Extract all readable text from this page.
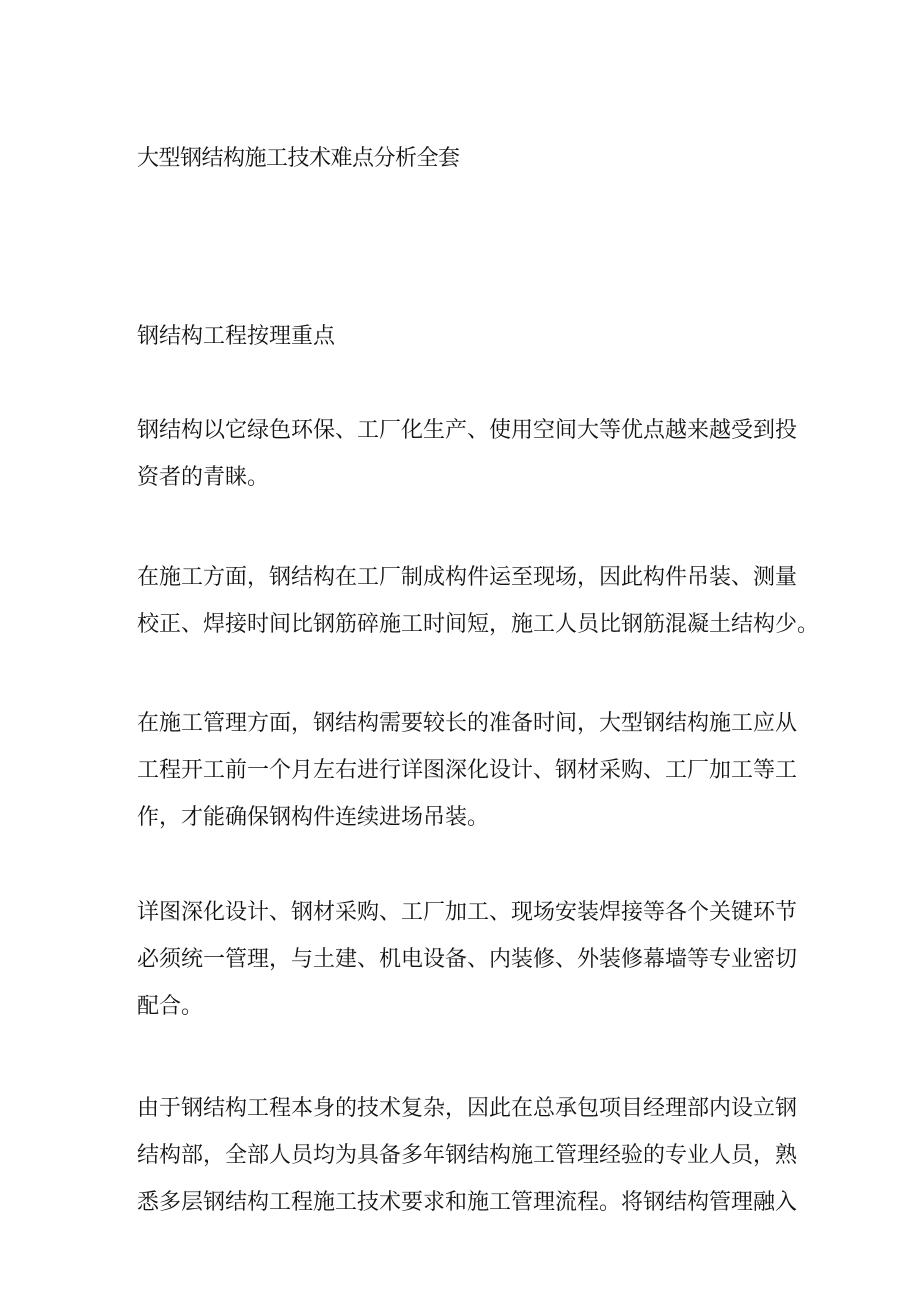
大型钢结构施工技术难点分析全套
钢结构工程按理重点
钢结构以它绿色环保、工厂化生产、使用空间大等优点越来越受到投
资者的青睐。
在施工方面，钢结构在工厂制成构件运至现场，因此构件吊装、测量
校正、焊接时间比钢筋碎施工时间短，施工人员比钢筋混凝土结构少。
在施工管理方面，钢结构需要较长的准备时间，大型钢结构施工应从
工程开工前一个月左右进行详图深化设计、钢材采购、工厂加工等工
作，才能确保钢构件连续进场吊装。
详图深化设计、钢材采购、工厂加工、现场安装焊接等各个关键环节
必须统一管理，与土建、机电设备、内装修、外装修幕墙等专业密切
配合。
由于钢结构工程本身的技术复杂，因此在总承包项目经理部内设立钢
结构部，全部人员均为具备多年钢结构施工管理经验的专业人员，熟
悉多层钢结构工程施工技术要求和施工管理流程。将钢结构管理融入
